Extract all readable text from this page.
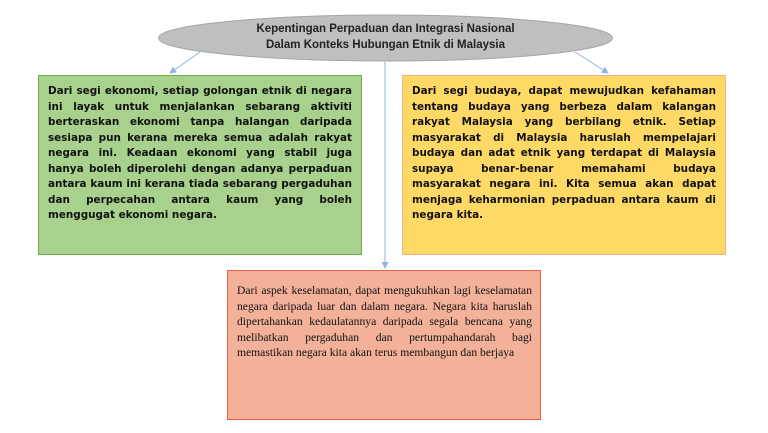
Kepentingan Perpaduan dan Integrasi Nasional
Dalam Konteks Hubungan Etnik di Malaysia
Dari segi ekonomi, setiap golongan etnik di negara ini layak untuk menjalankan sebarang aktiviti berteraskan ekonomi tanpa halangan daripada sesiapa pun kerana mereka semua adalah rakyat negara ini. Keadaan ekonomi yang stabil juga hanya boleh diperolehi dengan adanya perpaduan antara kaum ini kerana tiada sebarang pergaduhan dan perpecahan antara kaum yang boleh menggugat ekonomi negara.
Dari segi budaya, dapat mewujudkan kefahaman tentang budaya yang berbeza dalam kalangan rakyat Malaysia yang berbilang etnik. Setiap masyarakat di Malaysia haruslah mempelajari budaya dan adat etnik yang terdapat di Malaysia supaya benar-benar memahami budaya masyarakat negara ini. Kita semua akan dapat menjaga keharmonian perpaduan antara kaum di negara kita.
Dari aspek keselamatan, dapat mengukuhkan lagi keselamatan negara daripada luar dan dalam negara. Negara kita haruslah dipertahankan kedaulatannya daripada segala bencana yang melibatkan pergaduhan dan pertumpahandarah bagi memastikan negara kita akan terus membangun dan berjaya
